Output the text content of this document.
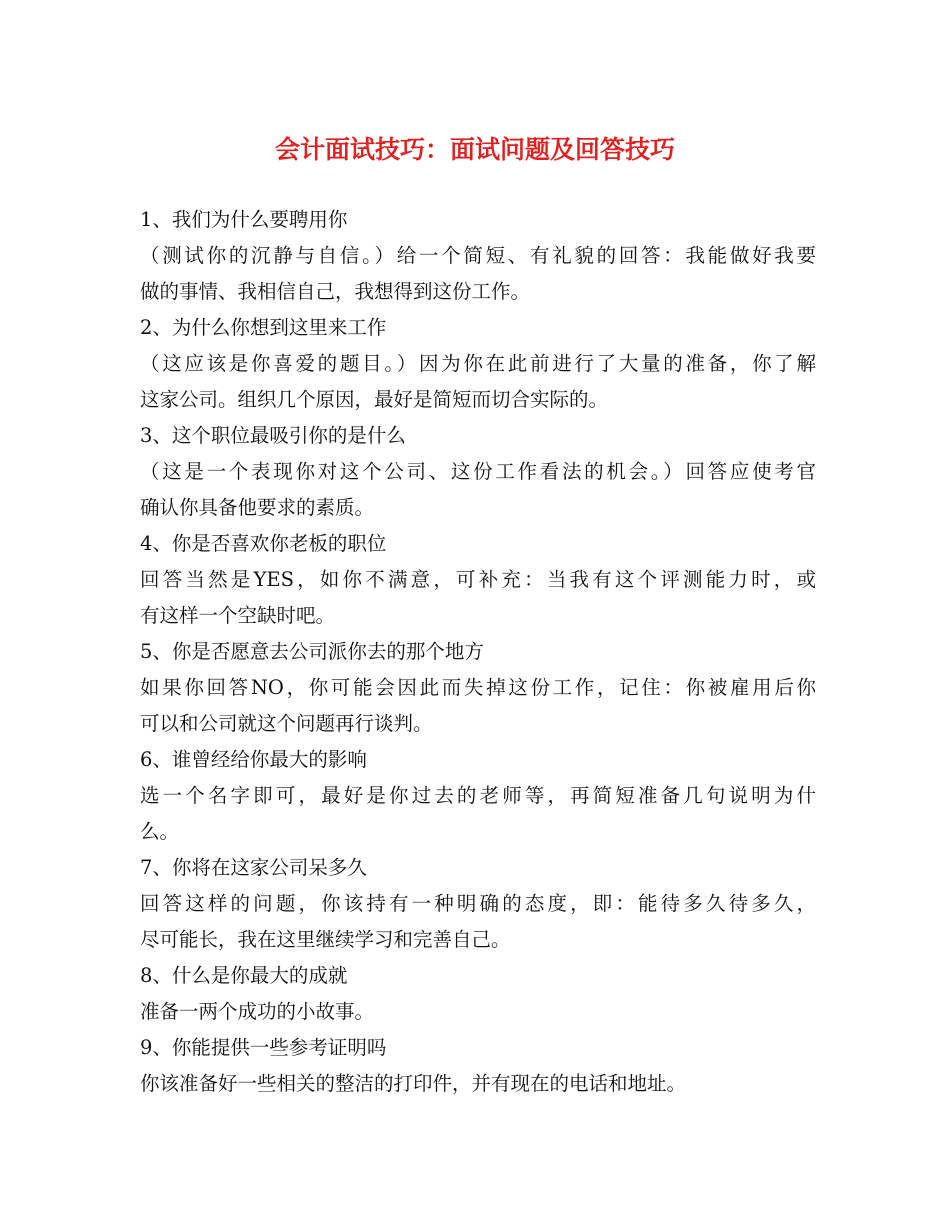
会计面试技巧：面试问题及回答技巧
1、我们为什么要聘用你
（测试你的沉静与自信。）给一个简短、有礼貌的回答：我能做好我要
做的事情、我相信自己，我想得到这份工作。
2、为什么你想到这里来工作
（这应该是你喜爱的题目。）因为你在此前进行了大量的准备，你了解
这家公司。组织几个原因，最好是简短而切合实际的。
3、这个职位最吸引你的是什么
（这是一个表现你对这个公司、这份工作看法的机会。）回答应使考官
确认你具备他要求的素质。
4、你是否喜欢你老板的职位
回答当然是YES，如你不满意，可补充：当我有这个评测能力时，或
有这样一个空缺时吧。
5、你是否愿意去公司派你去的那个地方
如果你回答NO，你可能会因此而失掉这份工作，记住：你被雇用后你
可以和公司就这个问题再行谈判。
6、谁曾经给你最大的影响
选一个名字即可，最好是你过去的老师等，再简短准备几句说明为什
么。
7、你将在这家公司呆多久
回答这样的问题，你该持有一种明确的态度，即：能待多久待多久，
尽可能长，我在这里继续学习和完善自己。
8、什么是你最大的成就
准备一两个成功的小故事。
9、你能提供一些参考证明吗
你该准备好一些相关的整洁的打印件，并有现在的电话和地址。
